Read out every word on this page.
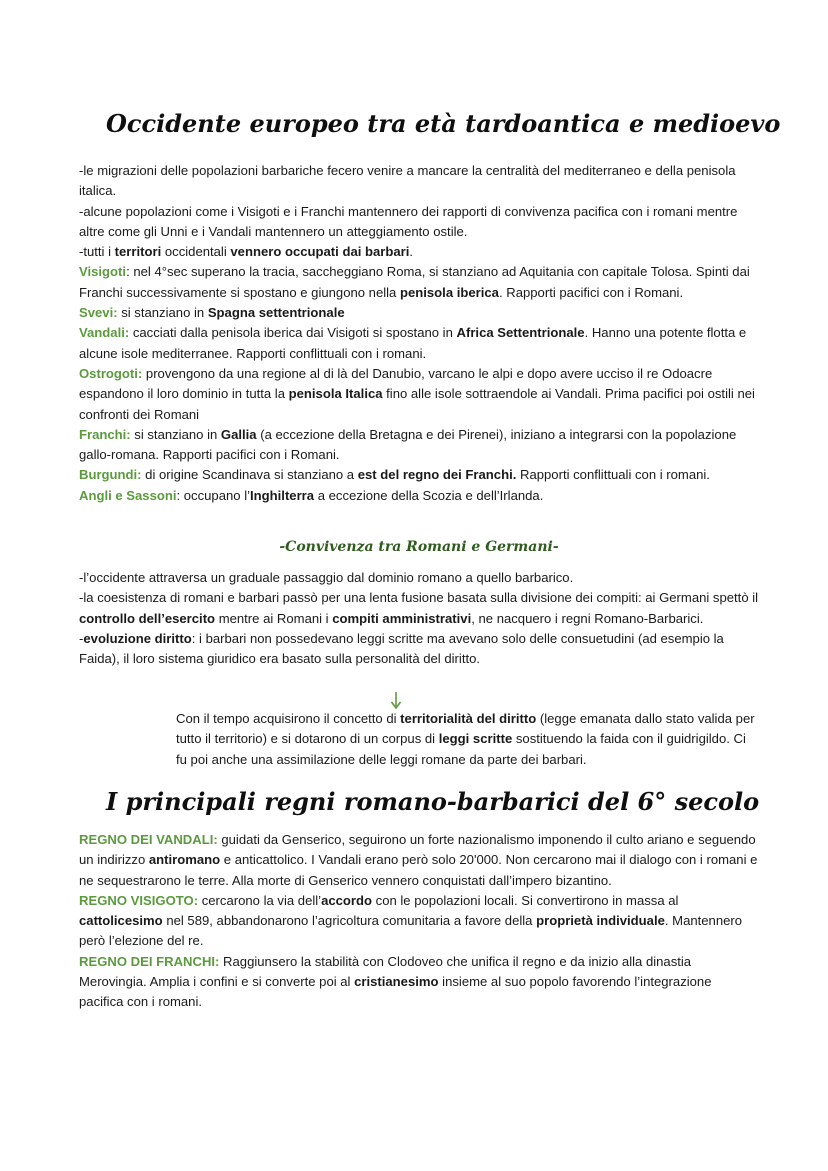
Occidente europeo tra età tardoantica e medioevo

-le migrazioni delle popolazioni barbariche fecero venire a mancare la centralità del mediterraneo e della penisola italica.

-alcune popolazioni come i Visigoti e i Franchi mantennero dei rapporti di convivenza pacifica con i romani mentre altre come gli Unni e i Vandali mantennero un atteggiamento ostile.

-tutti i territori occidentali vennero occupati dai barbari.

Visigoti: nel 4°sec superano la tracia, saccheggiano Roma, si stanziano ad Aquitania con capitale Tolosa. Spinti dai Franchi successivamente si spostano e giungono nella penisola iberica. Rapporti pacifici con i Romani.

Svevi: si stanziano in Spagna settentrionale

Vandali: cacciati dalla penisola iberica dai Visigoti si spostano in Africa Settentrionale. Hanno una potente flotta e alcune isole mediterranee. Rapporti conflittuali con i romani.

Ostrogoti: provengono da una regione al di là del Danubio, varcano le alpi e dopo avere ucciso il re Odoacre espandono il loro dominio in tutta la penisola Italica fino alle isole sottraendole ai Vandali. Prima pacifici poi ostili nei confronti dei Romani

Franchi: si stanziano in Gallia (a eccezione della Bretagna e dei Pirenei), iniziano a integrarsi con la popolazione gallo-romana. Rapporti pacifici con i Romani.

Burgundi: di origine Scandinava si stanziano a est del regno dei Franchi. Rapporti conflittuali con i romani.

Angli e Sassoni: occupano l’Inghilterra a eccezione della Scozia e dell’Irlanda.

-Convivenza tra Romani e Germani-

-l’occidente attraversa un graduale passaggio dal dominio romano a quello barbarico.

-la coesistenza di romani e barbari passò per una lenta fusione basata sulla divisione dei compiti: ai Germani spettò il controllo dell’esercito mentre ai Romani i compiti amministrativi, ne nacquero i regni Romano-Barbarici.

-evoluzione diritto: i barbari non possedevano leggi scritte ma avevano solo delle consuetudini (ad esempio la Faida), il loro sistema giuridico era basato sulla personalità del diritto.

Con il tempo acquisirono il concetto di territorialità del diritto (legge emanata dallo stato valida per tutto il territorio) e si dotarono di un corpus di leggi scritte sostituendo la faida con il guidrigildo. Ci fu poi anche una assimilazione delle leggi romane da parte dei barbari.

I principali regni romano-barbarici del 6° secolo

REGNO DEI VANDALI: guidati da Genserico, seguirono un forte nazionalismo imponendo il culto ariano e seguendo un indirizzo antiromano e anticattolico. I Vandali erano però solo 20'000. Non cercarono mai il dialogo con i romani e ne sequestrarono le terre. Alla morte di Genserico vennero conquistati dall’impero bizantino.

REGNO VISIGOTO: cercarono la via dell’accordo con le popolazioni locali. Si convertirono in massa al cattolicesimo nel 589, abbandonarono l’agricoltura comunitaria a favore della proprietà individuale. Mantennero però l’elezione del re.

REGNO DEI FRANCHI: Raggiunsero la stabilità con Clodoveo che unifica il regno e da inizio alla dinastia Merovingia. Amplia i confini e si converte poi al cristianesimo insieme al suo popolo favorendo l’integrazione pacifica con i romani.
